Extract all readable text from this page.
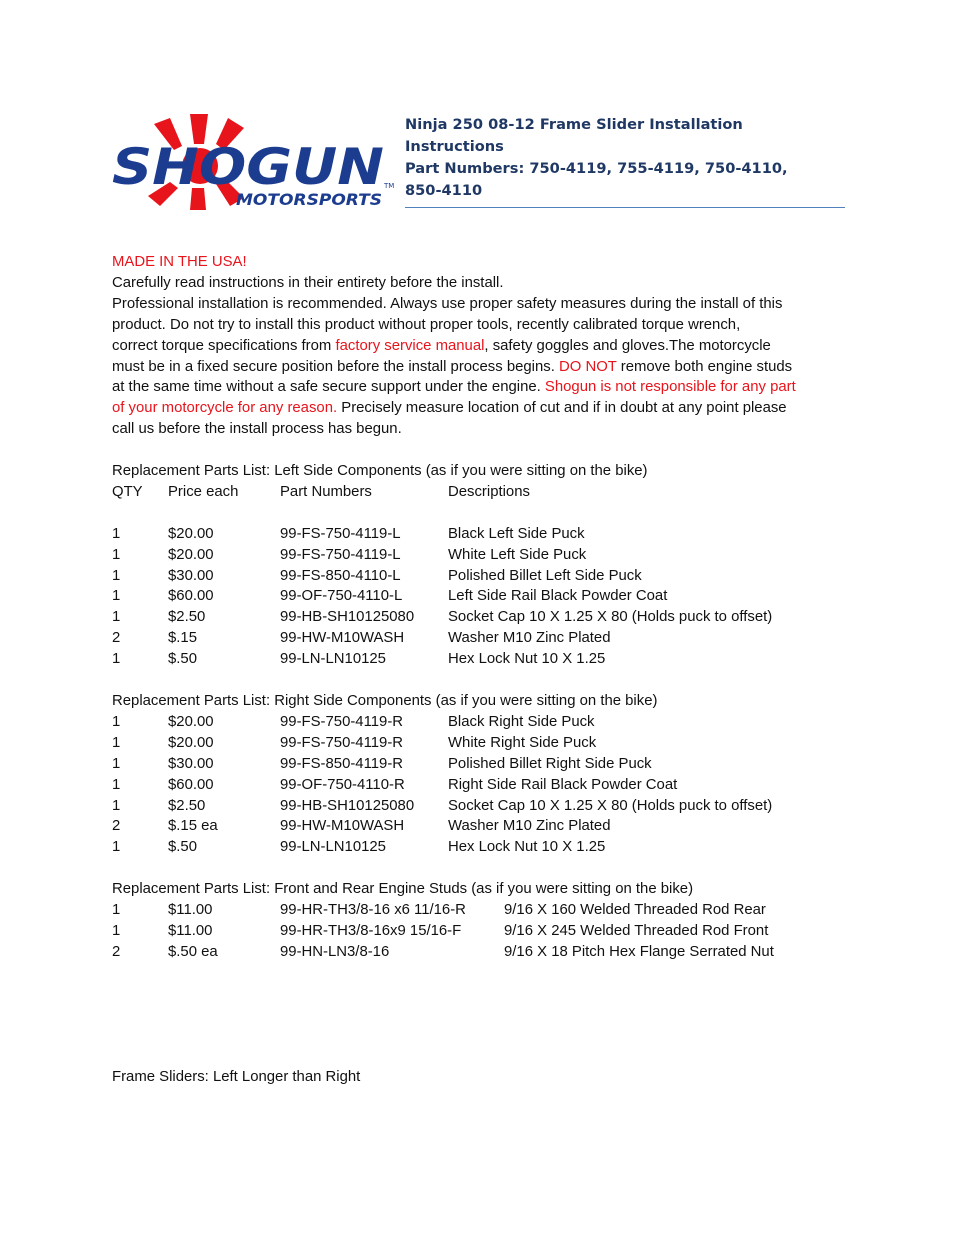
SHOGUN
MOTORSPORTS
TM
Ninja 250 08-12 Frame Slider Installation
Instructions
Part Numbers: 750-4119, 755-4119, 750-4110,
850-4110

MADE IN THE USA!

Carefully read instructions in their entirety before the install.

Professional installation is recommended. Always use proper safety measures during the install of this

product. Do not try to install this product without proper tools, recently calibrated torque wrench,

correct torque specifications from factory service manual, safety goggles and gloves.The motorcycle

must be in a fixed secure position before the install process begins. DO NOT remove both engine studs

at the same time without a safe secure support under the engine. Shogun is not responsible for any part

of your motorcycle for any reason. Precisely measure location of cut and if in doubt at any point please

call us before the install process has begun.

Replacement Parts List: Left Side Components (as if you were sitting on the bike)

QTY	Price each	Part Numbers	Descriptions
1	$20.00	99-FS-750-4119-L	Black Left Side Puck
1	$20.00	99-FS-750-4119-L	White Left Side Puck
1	$30.00	99-FS-850-4110-L	Polished Billet Left Side Puck
1	$60.00	99-OF-750-4110-L	Left Side Rail Black Powder Coat
1	$2.50	99-HB-SH10125080	Socket Cap 10 X 1.25 X 80 (Holds puck to offset)
2	$.15	99-HW-M10WASH	Washer M10 Zinc Plated
1	$.50	99-LN-LN10125	Hex Lock Nut 10 X 1.25

Replacement Parts List: Right Side Components (as if you were sitting on the bike)

1	$20.00	99-FS-750-4119-R	Black Right Side Puck
1	$20.00	99-FS-750-4119-R	White Right Side Puck
1	$30.00	99-FS-850-4119-R	Polished Billet Right Side Puck
1	$60.00	99-OF-750-4110-R	Right Side Rail Black Powder Coat
1	$2.50	99-HB-SH10125080	Socket Cap 10 X 1.25 X 80 (Holds puck to offset)
2	$.15 ea	99-HW-M10WASH	Washer M10 Zinc Plated
1	$.50	99-LN-LN10125	Hex Lock Nut 10 X 1.25

Replacement Parts List: Front and Rear Engine Studs (as if you were sitting on the bike)

1	$11.00	99-HR-TH3/8-16 x6 11/16-R	9/16 X 160 Welded Threaded Rod Rear
1	$11.00	99-HR-TH3/8-16x9 15/16-F	9/16 X 245 Welded Threaded Rod Front
2	$.50 ea	99-HN-LN3/8-16	9/16 X 18 Pitch Hex Flange Serrated Nut

Frame Sliders: Left Longer than Right
